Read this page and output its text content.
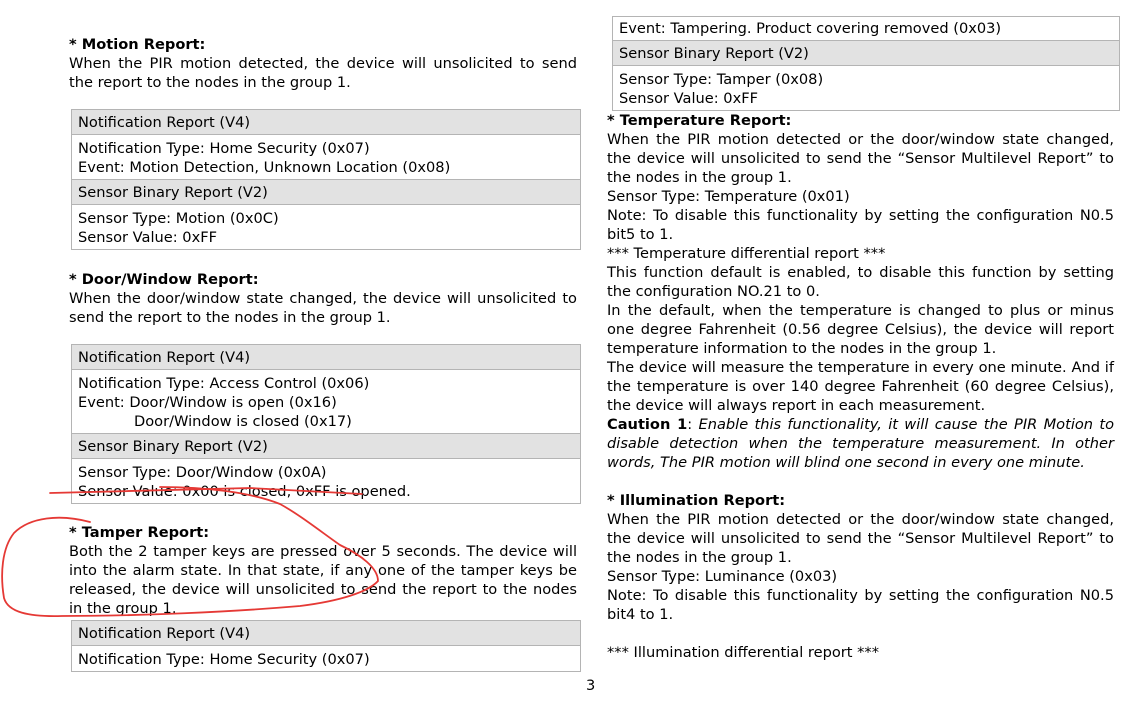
* Motion Report:

When the PIR motion detected, the device will unsolicited to send the report to the nodes in the group 1.

Notification Report (V4)
Notification Type: Home Security (0x07)
Event: Motion Detection, Unknown Location (0x08)
Sensor Binary Report (V2)
Sensor Type: Motion (0x0C)
Sensor Value: 0xFF
* Door/Window Report:

When the door/window state changed, the device will unsolicited to send the report to the nodes in the group 1.

Notification Report (V4)
Notification Type: Access Control (0x06)
Event: Door/Window is open (0x16)
Door/Window is closed (0x17)
Sensor Binary Report (V2)
Sensor Type: Door/Window (0x0A)
Sensor Value: 0x00 is closed, 0xFF is opened.
* Tamper Report:

Both the 2 tamper keys are pressed over 5 seconds. The device will into the alarm state. In that state, if any one of the tamper keys be released, the device will unsolicited to send the report to the nodes in the group 1.

Notification Report (V4)
Notification Type: Home Security (0x07)
Event: Tampering. Product covering removed (0x03)
Sensor Binary Report (V2)
Sensor Type: Tamper (0x08)
Sensor Value: 0xFF
* Temperature Report:

When the PIR motion detected or the door/window state changed, the device will unsolicited to send the “Sensor Multilevel Report” to the nodes in the group 1.

Sensor Type: Temperature (0x01)

Note: To disable this functionality by setting the configuration N0.5 bit5 to 1.

*** Temperature differential report ***

This function default is enabled, to disable this function by setting the configuration NO.21 to 0.

In the default, when the temperature is changed to plus or minus one degree Fahrenheit (0.56 degree Celsius), the device will report temperature information to the nodes in the group 1.

The device will measure the temperature in every one minute. And if the temperature is over 140 degree Fahrenheit (60 degree Celsius), the device will always report in each measurement.

Caution 1: Enable this functionality, it will cause the PIR Motion to disable detection when the temperature measurement. In other words, The PIR motion will blind one second in every one minute.

* Illumination Report:

When the PIR motion detected or the door/window state changed, the device will unsolicited to send the “Sensor Multilevel Report” to the nodes in the group 1.

Sensor Type: Luminance (0x03)

Note: To disable this functionality by setting the configuration N0.5 bit4 to 1.

*** Illumination differential report ***

3
